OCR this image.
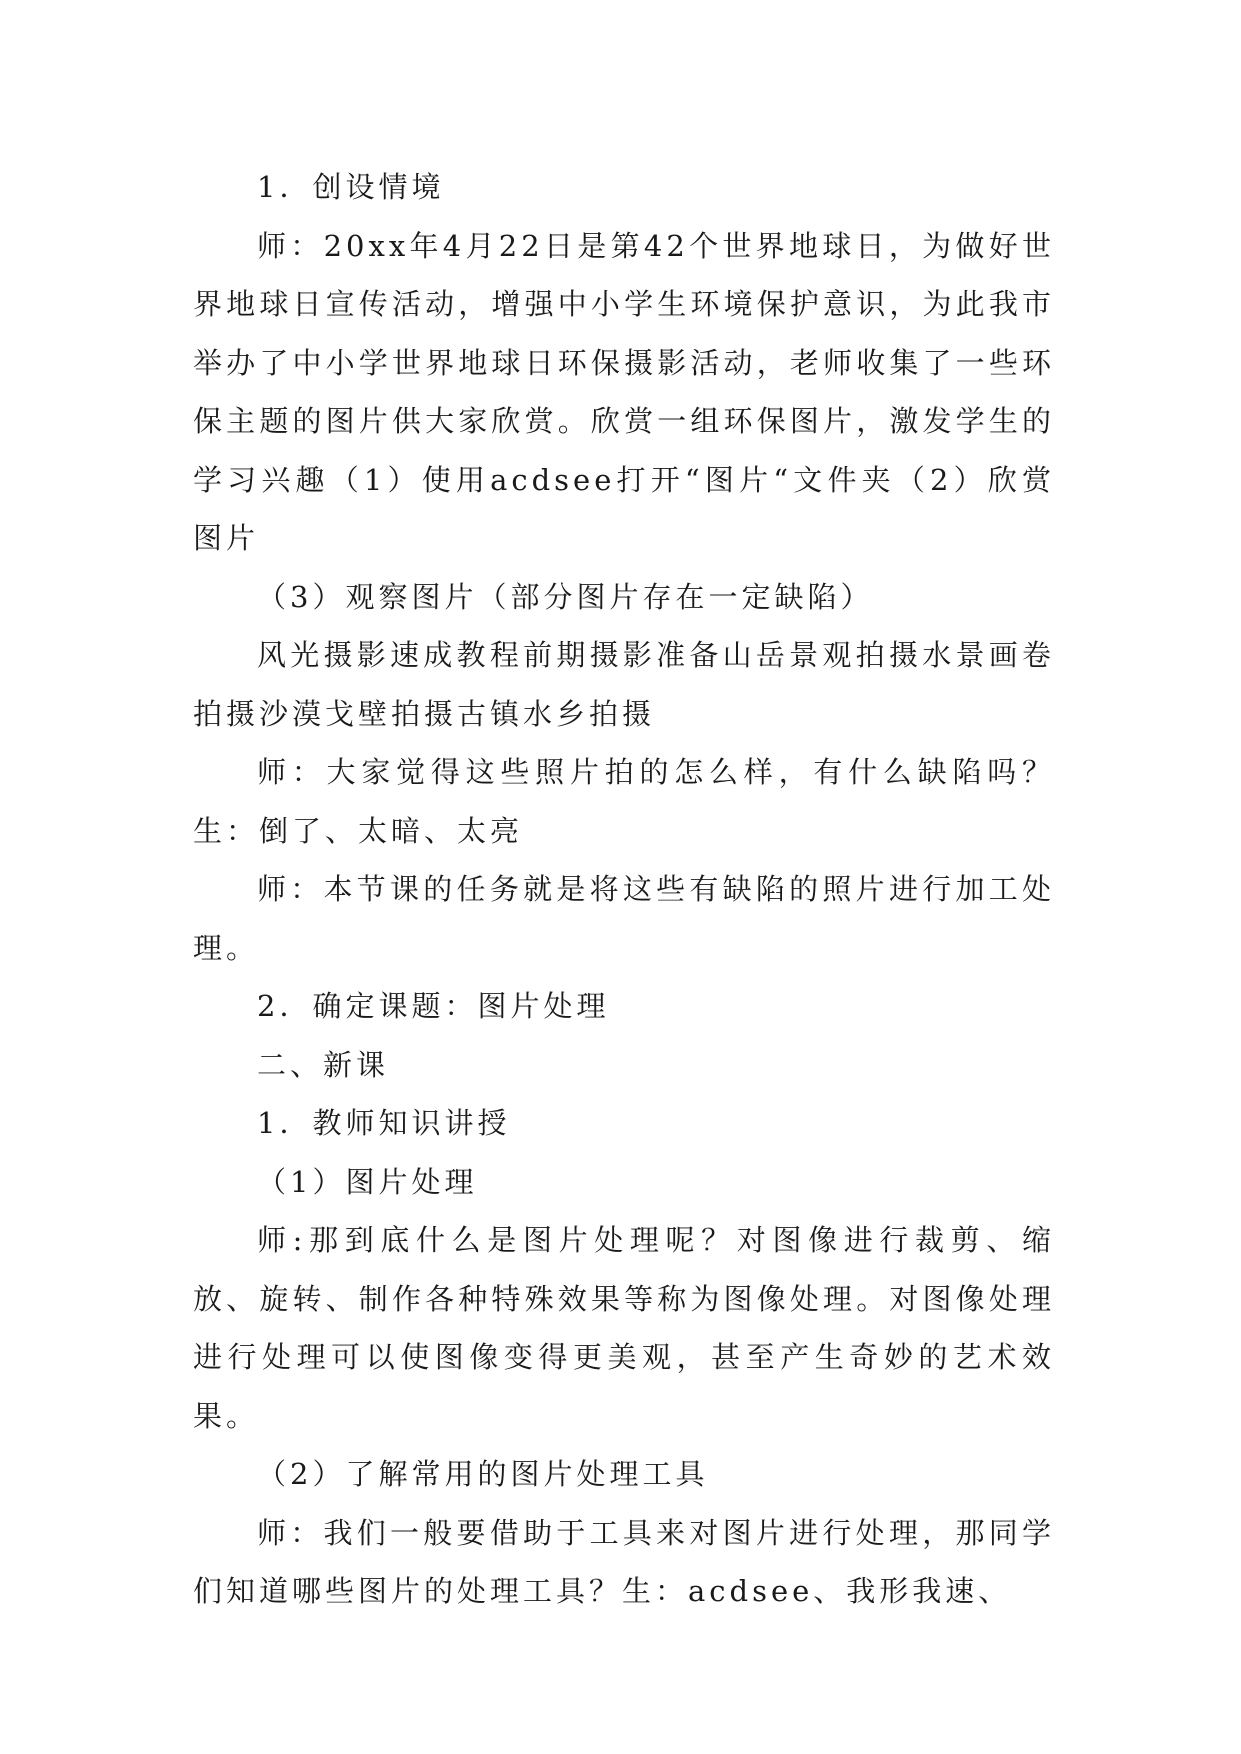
1．创设情境

师：20xx年4月22日是第42个世界地球日，为做好世界地球日宣传活动，增强中小学生环境保护意识，为此我市举办了中小学世界地球日环保摄影活动，老师收集了一些环保主题的图片供大家欣赏。欣赏一组环保图片，激发学生的学习兴趣（1）使用acdsee打开“图片“文件夹（2）欣赏图片

（3）观察图片（部分图片存在一定缺陷）

风光摄影速成教程前期摄影准备山岳景观拍摄水景画卷拍摄沙漠戈壁拍摄古镇水乡拍摄

师：大家觉得这些照片拍的怎么样，有什么缺陷吗？生：倒了、太暗、太亮

师：本节课的任务就是将这些有缺陷的照片进行加工处理。

2．确定课题：图片处理

二、新课

1．教师知识讲授

（1）图片处理

师:那到底什么是图片处理呢？对图像进行裁剪、缩放、旋转、制作各种特殊效果等称为图像处理。对图像处理进行处理可以使图像变得更美观，甚至产生奇妙的艺术效果。

（2）了解常用的图片处理工具

师：我们一般要借助于工具来对图片进行处理，那同学们知道哪些图片的处理工具？生：acdsee、我形我速、
